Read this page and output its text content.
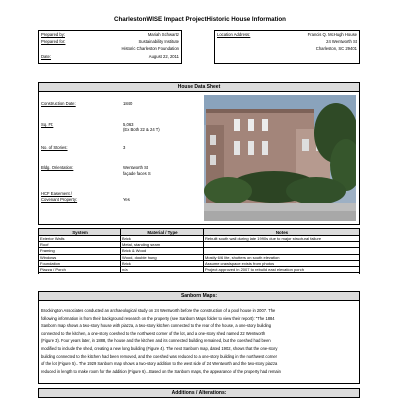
CharlestonWISE Impact ProjectHistoric House Information
Prepared by:	Mariah Schwartz
Prepared for:	Sustainability Institute
Historic Charleston Foundation
Date:	August 22, 2011
Location Address:	Francis Q. McHugh House
24 Wentworth St
Charleston, SC 29401
House Data Sheet
Construction Date:	1840
Sq. Ft:	5,063
(Ex Both 22 & 24 T)
No. of Stories:	3
Bldg. Orientation:	Wentworth St
façade faces S
HCF Easement /
Covenant Property:	Yes
System	Material / Type	Notes
Exterior Walls	Brick	Rebuilt south wall during late 1990s due to major structural failure
Roof	Metal, standing seam
Framing	Brick & Wood
Windows	Wood, double hung	Mostly 6/6 lite, shutters on south elevation
Foundation	Brick	Assume crawlspace exists from photos
Piazza / Porch	n/a	Project approved in 2007 to rebuild east elevation porch
Sanborn Maps:
Brockington Associates conducted an archaeological study on 24 Wentworth before the construction of a pool house in 2007. The
following information is from their background research on the property (see Sanborn Maps folder to view their report): "The 1884
Sanborn map shows a two-story house with piazza, a two-story kitchen connected to the rear of the house, a one-story building
connected to the kitchen, a one-story coeshed to the northwest corner of the lot, and a one-story shed named 22 Wentworth
(Figure 3). Four years later, in 1888, the house and the kitchen and its connected building remained, but the coeshed had been
modified to include the shed, creating a new long building (Figure 4). The next Sanborn map, dated 1902, shows that the one-story
building connected to the kitchen had been removed, and the coeshed was reduced to a one-story building in the northwest corner
of the lot (Figure 5).. The 1929 Sanborn map shows a two-story addition to the west side of 24 Wentworth and the two-story piazza
reduced in length to make room for the addition (Figure 6)...Based on the Sanborn maps, the appearance of the property had remain
Additions / Alterations:
